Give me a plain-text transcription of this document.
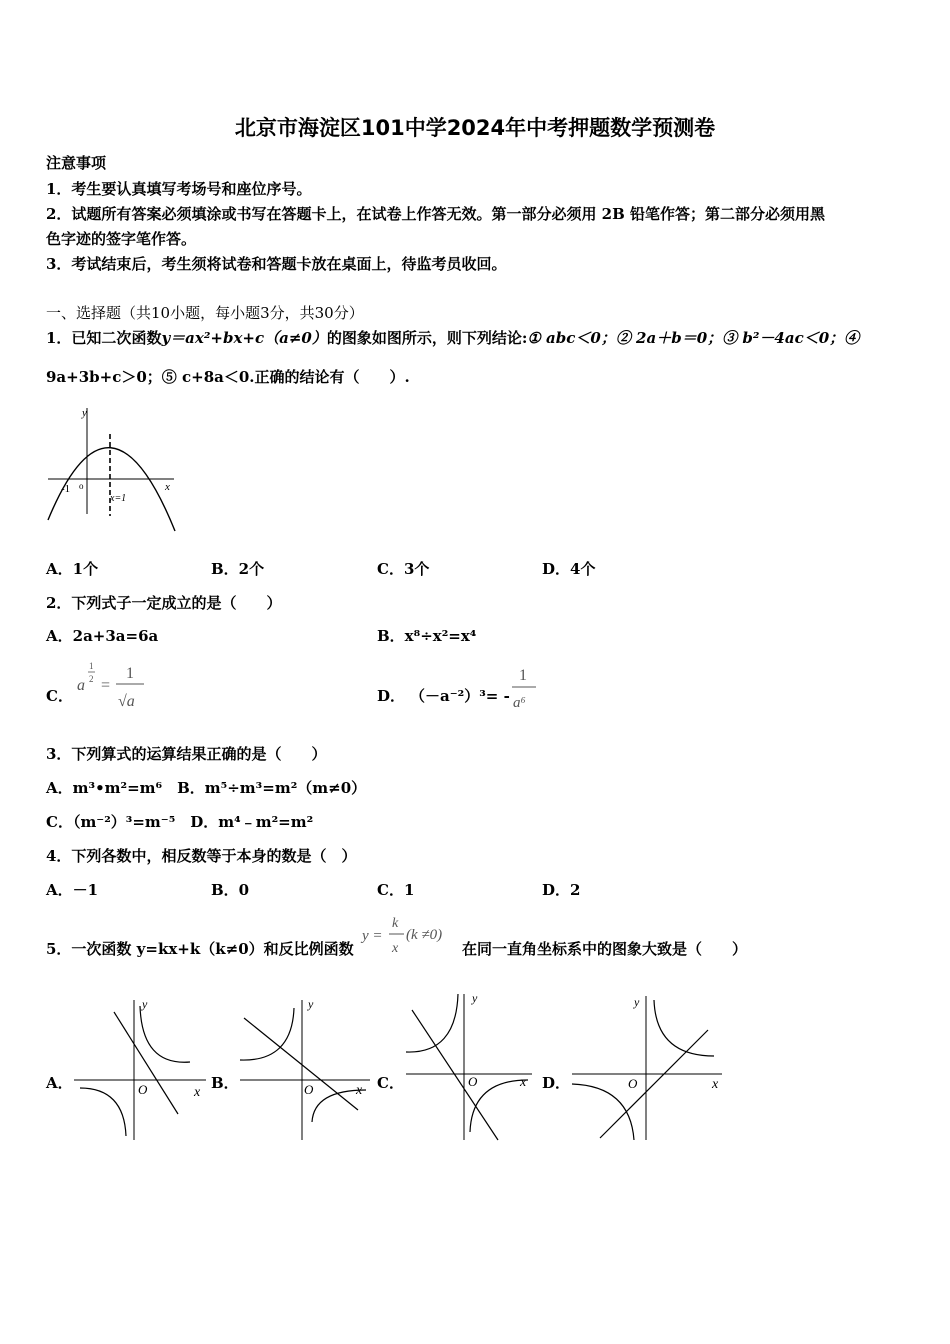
北京市海淀区101中学2024年中考押题数学预测卷
注意事项
1．考生要认真填写考场号和座位序号。
2．试题所有答案必须填涂或书写在答题卡上，在试卷上作答无效。第一部分必须用 2B 铅笔作答；第二部分必须用黑
色字迹的签字笔作答。
3．考试结束后，考生须将试卷和答题卡放在桌面上，待监考员收回。
一、选择题（共10小题，每小题3分，共30分）
1．已知二次函数y＝ax²+bx+c（a≠0）的图象如图所示，则下列结论:① abc＜0；② 2a＋b＝0；③ b²－4ac＜0；④
9a+3b+c＞0；⑤ c+8a＜0.正确的结论有（　　）.
y
x
-1 o
x=1
A．1个	B．2个	C．3个	D．4个
2．下列式子一定成立的是（　　）
A．2a+3a=6a	B．x⁸÷x²=x⁴
C．
a
1
2 =
1
√a	D． （－a⁻²）³= -
1
a⁶
3．下列算式的运算结果正确的是（　　）
A．m³•m²=m⁶　B．m⁵÷m³=m²（m≠0）
C．（m⁻²）³=m⁻⁵　D．m⁴﹣m²=m²
4．下列各数中，相反数等于本身的数是（　）
A．－1	B．0	C．1	D．2
5．一次函数 y=kx+k（k≠0）和反比例函数
y =
k
x
(k ≠0)
在同一直角坐标系中的图象大致是（　　）
A．
y
x
O	B．
y
x
O	C．
y
x
O	D．
y
x
O
